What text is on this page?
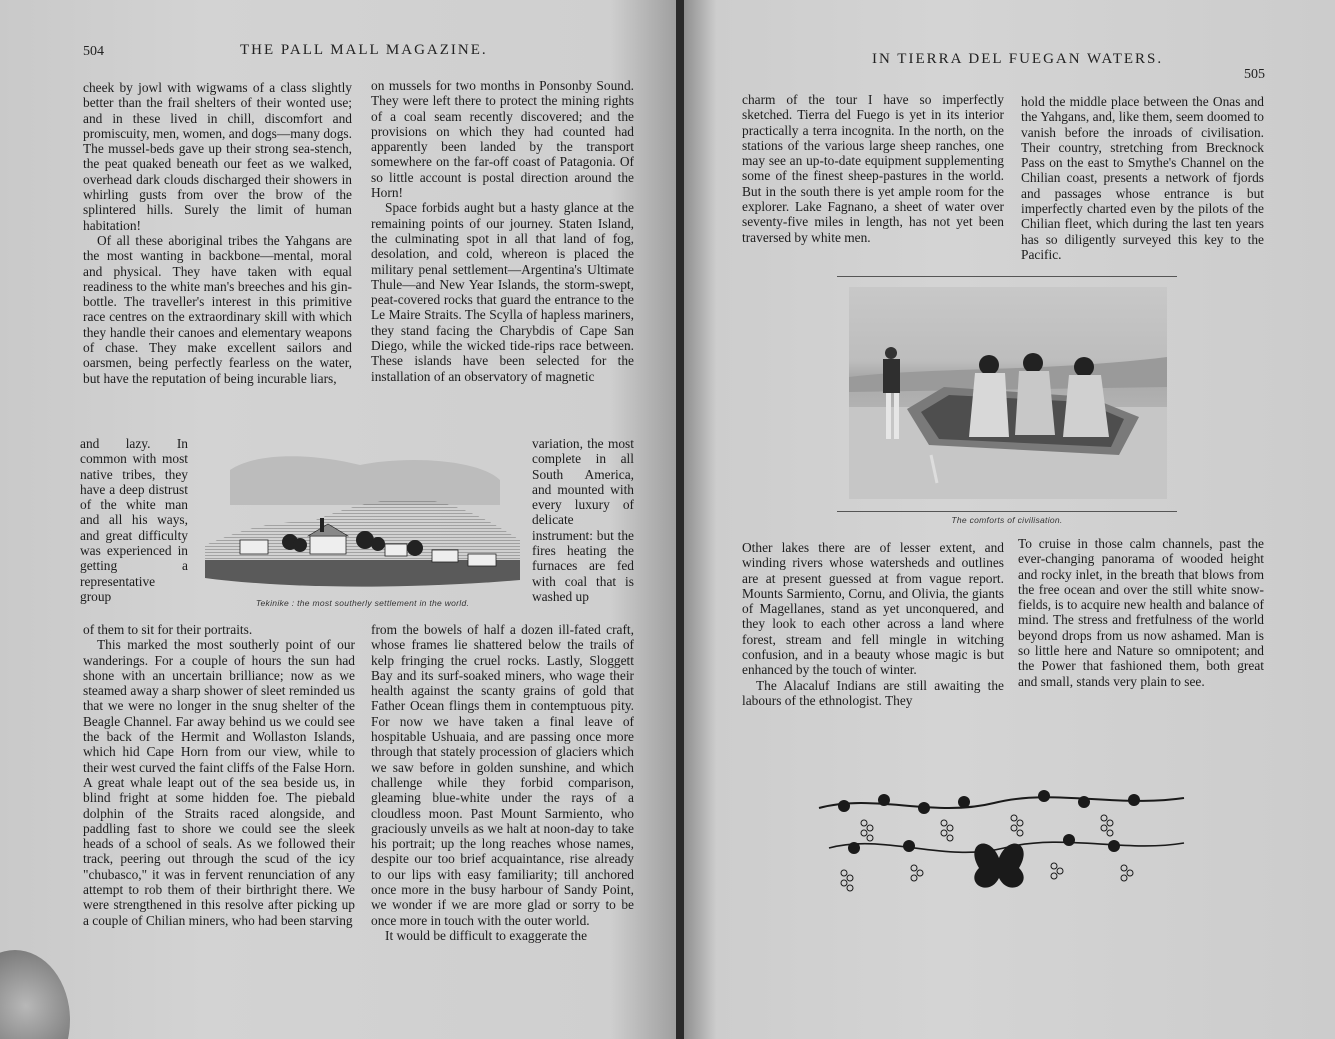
504	THE PALL MALL MAGAZINE.

cheek by jowl with wigwams of a class slightly better than the frail shelters of their wonted use; and in these lived in chill, discomfort and promiscuity, men, women, and dogs—many dogs. The mussel-beds gave up their strong sea-stench, the peat quaked beneath our feet as we walked, overhead dark clouds discharged their showers in whirling gusts from over the brow of the splintered hills. Surely the limit of human habitation!

Of all these aboriginal tribes the Yahgans are the most wanting in backbone—mental, moral and physical. They have taken with equal readiness to the white man's breeches and his gin-bottle. The traveller's interest in this primitive race centres on the extraordinary skill with which they handle their canoes and elementary weapons of chase. They make excellent sailors and oarsmen, being perfectly fearless on the water, but have the reputation of being incurable liars,

and lazy. In common with most native tribes, they have a deep distrust of the white man and all his ways, and great difficulty was experienced in getting a representative group

of them to sit for their portraits.

This marked the most southerly point of our wanderings. For a couple of hours the sun had shone with an uncertain brilliance; now as we steamed away a sharp shower of sleet reminded us that we were no longer in the snug shelter of the Beagle Channel. Far away behind us we could see the back of the Hermit and Wollaston Islands, which hid Cape Horn from our view, while to their west curved the faint cliffs of the False Horn. A great whale leapt out of the sea beside us, in blind fright at some hidden foe. The piebald dolphin of the Straits raced alongside, and paddling fast to shore we could see the sleek heads of a school of seals. As we followed their track, peering out through the scud of the icy "chubasco," it was in fervent renunciation of any attempt to rob them of their birthright there. We were strengthened in this resolve after picking up a couple of Chilian miners, who had been starving

on mussels for two months in Ponsonby Sound. They were left there to protect the mining rights of a coal seam recently discovered; and the provisions on which they had counted had apparently been landed by the transport somewhere on the far-off coast of Patagonia. Of so little account is postal direction around the Horn!

Space forbids aught but a hasty glance at the remaining points of our journey. Staten Island, the culminating spot in all that land of fog, desolation, and cold, whereon is placed the military penal settlement—Argentina's Ultimate Thule—and New Year Islands, the storm-swept, peat-covered rocks that guard the entrance to the Le Maire Straits. The Scylla of hapless mariners, they stand facing the Charybdis of Cape San Diego, while the wicked tide-rips race between. These islands have been selected for the installation of an observatory of magnetic

variation, the most complete in all South America, and mounted with every luxury of delicate instrument: but the fires heating the furnaces are fed with coal that is washed up

from the bowels of half a dozen ill-fated craft, whose frames lie shattered below the trails of kelp fringing the cruel rocks. Lastly, Sloggett Bay and its surf-soaked miners, who wage their health against the scanty grains of gold that Father Ocean flings them in contemptuous pity. For now we have taken a final leave of hospitable Ushuaia, and are passing once more through that stately procession of glaciers which we saw before in golden sunshine, and which challenge while they forbid comparison, gleaming blue-white under the rays of a cloudless moon. Past Mount Sarmiento, who graciously unveils as we halt at noon-day to take his portrait; up the long reaches whose names, despite our too brief acquaintance, rise already to our lips with easy familiarity; till anchored once more in the busy harbour of Sandy Point, we wonder if we are more glad or sorry to be once more in touch with the outer world.

It would be difficult to exaggerate the

Tekinike : the most southerly settlement in the world.
IN TIERRA DEL FUEGAN WATERS.
505

charm of the tour I have so imperfectly sketched. Tierra del Fuego is yet in its interior practically a terra incognita. In the north, on the stations of the various large sheep ranches, one may see an up-to-date equipment supplementing some of the finest sheep-pastures in the world. But in the south there is yet ample room for the explorer. Lake Fagnano, a sheet of water over seventy-five miles in length, has not yet been traversed by white men.

hold the middle place between the Onas and the Yahgans, and, like them, seem doomed to vanish before the inroads of civilisation. Their country, stretching from Brecknock Pass on the east to Smythe's Channel on the Chilian coast, presents a network of fjords and passages whose entrance is but imperfectly charted even by the pilots of the Chilian fleet, which during the last ten years has so diligently surveyed this key to the Pacific.

The comforts of civilisation.

Other lakes there are of lesser extent, and winding rivers whose watersheds and outlines are at present guessed at from vague report. Mounts Sarmiento, Cornu, and Olivia, the giants of Magellanes, stand as yet unconquered, and they look to each other across a land where forest, stream and fell mingle in witching confusion, and in a beauty whose magic is but enhanced by the touch of winter.

The Alacaluf Indians are still awaiting the labours of the ethnologist. They

To cruise in those calm channels, past the ever-changing panorama of wooded height and rocky inlet, in the breath that blows from the free ocean and over the still white snow-fields, is to acquire new health and balance of mind. The stress and fretfulness of the world beyond drops from us now ashamed. Man is so little here and Nature so omnipotent; and the Power that fashioned them, both great and small, stands very plain to see.
